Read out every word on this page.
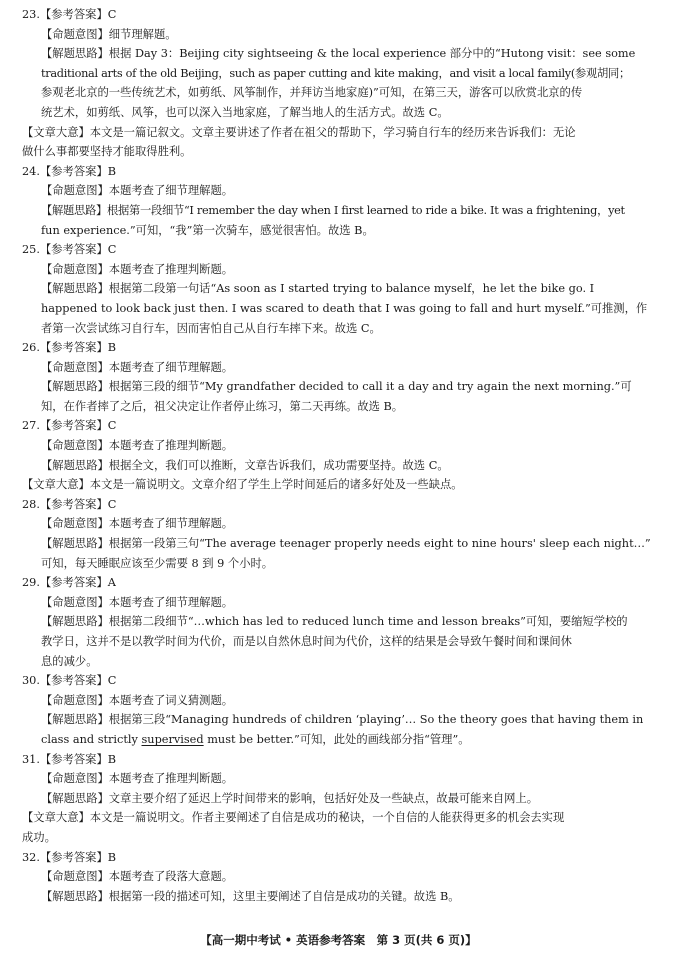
23.【参考答案】C
【命题意图】细节理解题。
【解题思路】根据 Day 3：Beijing city sightseeing & the local experience 部分中的“Hutong visit：see some
traditional arts of the old Beijing，such as paper cutting and kite making，and visit a local family(参观胡同；
参观老北京的一些传统艺术，如剪纸、风筝制作，并拜访当地家庭)”可知，在第三天，游客可以欣赏北京的传
统艺术，如剪纸、风筝，也可以深入当地家庭，了解当地人的生活方式。故选 C。
【文章大意】本文是一篇记叙文。文章主要讲述了作者在祖父的帮助下，学习骑自行车的经历来告诉我们：无论
做什么事都要坚持才能取得胜利。
24.【参考答案】B
【命题意图】本题考查了细节理解题。
【解题思路】根据第一段细节“I remember the day when I first learned to ride a bike. It was a frightening，yet
fun experience.”可知，“我”第一次骑车，感觉很害怕。故选 B。
25.【参考答案】C
【命题意图】本题考查了推理判断题。
【解题思路】根据第二段第一句话“As soon as I started trying to balance myself，he let the bike go. I
happened to look back just then. I was scared to death that I was going to fall and hurt myself.”可推测，作
者第一次尝试练习自行车，因而害怕自己从自行车摔下来。故选 C。
26.【参考答案】B
【命题意图】本题考查了细节理解题。
【解题思路】根据第三段的细节“My grandfather decided to call it a day and try again the next morning.”可
知，在作者摔了之后，祖父决定让作者停止练习，第二天再练。故选 B。
27.【参考答案】C
【命题意图】本题考查了推理判断题。
【解题思路】根据全文，我们可以推断，文章告诉我们，成功需要坚持。故选 C。
【文章大意】本文是一篇说明文。文章介绍了学生上学时间延后的诸多好处及一些缺点。
28.【参考答案】C
【命题意图】本题考查了细节理解题。
【解题思路】根据第一段第三句“The average teenager properly needs eight to nine hours' sleep each night…”
可知，每天睡眠应该至少需要 8 到 9 个小时。
29.【参考答案】A
【命题意图】本题考查了细节理解题。
【解题思路】根据第二段细节“…which has led to reduced lunch time and lesson breaks”可知，要缩短学校的
教学日，这并不是以教学时间为代价，而是以自然休息时间为代价，这样的结果是会导致午餐时间和课间休
息的减少。
30.【参考答案】C
【命题意图】本题考查了词义猜测题。
【解题思路】根据第三段“Managing hundreds of children ‘playing’… So the theory goes that having them in
class and strictly supervised must be better.”可知，此处的画线部分指“管理”。
31.【参考答案】B
【命题意图】本题考查了推理判断题。
【解题思路】文章主要介绍了延迟上学时间带来的影响，包括好处及一些缺点，故最可能来自网上。
【文章大意】本文是一篇说明文。作者主要阐述了自信是成功的秘诀，一个自信的人能获得更多的机会去实现
成功。
32.【参考答案】B
【命题意图】本题考查了段落大意题。
【解题思路】根据第一段的描述可知，这里主要阐述了自信是成功的关键。故选 B。
【高一期中考试 • 英语参考答案　第 3 页(共 6 页)】
